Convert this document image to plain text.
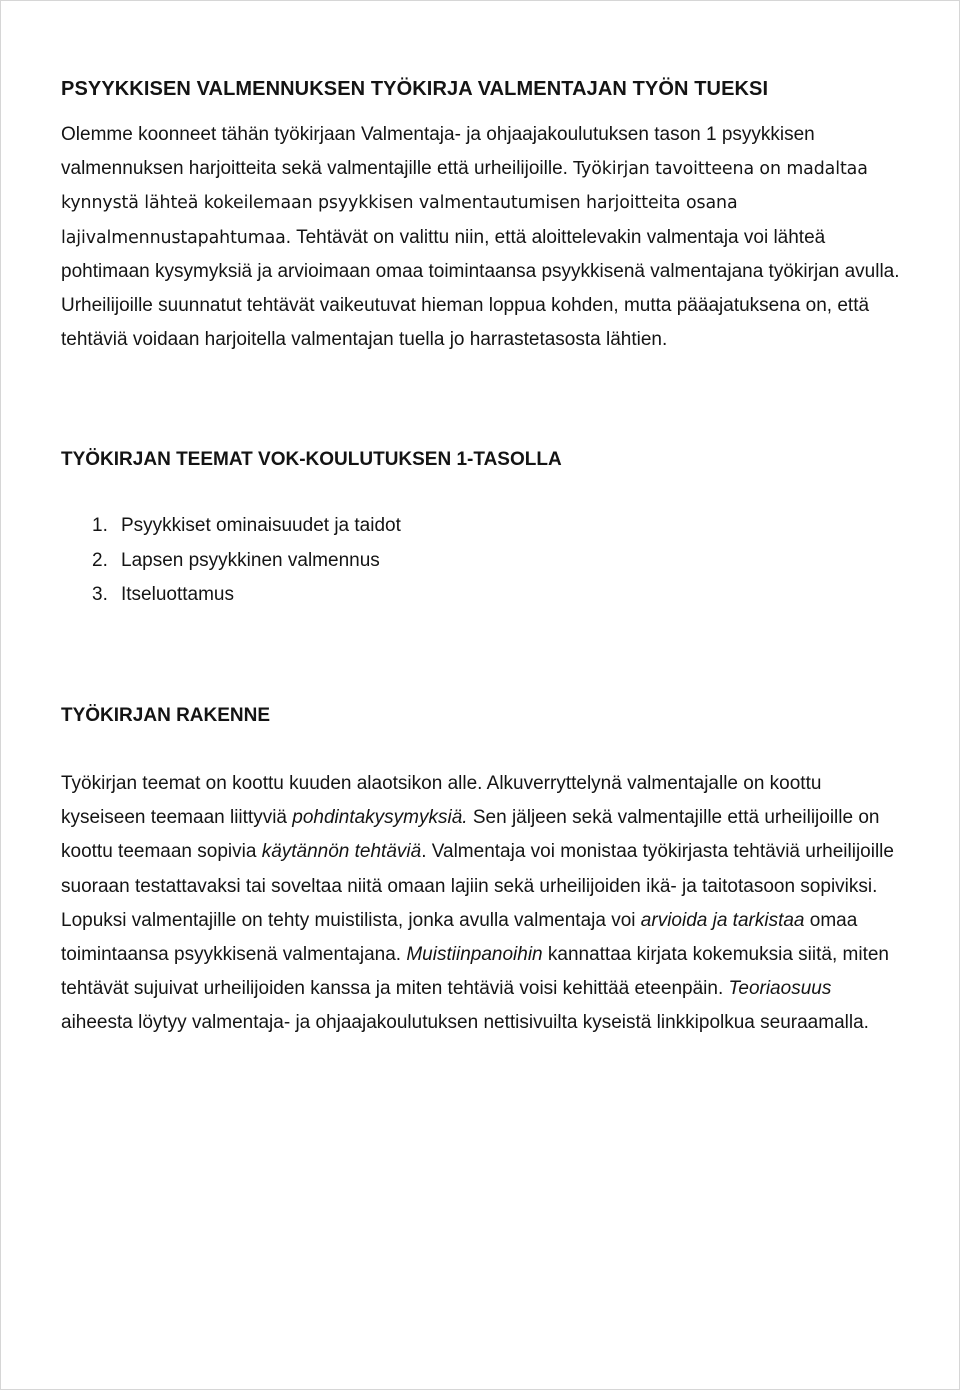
PSYYKKISEN VALMENNUKSEN TYÖKIRJA VALMENTAJAN TYÖN TUEKSI

Olemme koonneet tähän työkirjaan Valmentaja- ja ohjaajakoulutuksen tason 1 psyykkisen valmennuksen harjoitteita sekä valmentajille että urheilijoille. Työkirjan tavoitteena on madaltaa kynnystä lähteä kokeilemaan psyykkisen valmentautumisen harjoitteita osana lajivalmennustapahtumaa. Tehtävät on valittu niin, että aloittelevakin valmentaja voi lähteä pohtimaan kysymyksiä ja arvioimaan omaa toimintaansa psyykkisenä valmentajana työkirjan avulla. Urheilijoille suunnatut tehtävät vaikeutuvat hieman loppua kohden, mutta pääajatuksena on, että tehtäviä voidaan harjoitella valmentajan tuella jo harrastetasosta lähtien.

TYÖKIRJAN TEEMAT VOK-KOULUTUKSEN 1-TASOLLA
1. Psyykkiset ominaisuudet ja taidot
2. Lapsen psyykkinen valmennus
3. Itseluottamus
TYÖKIRJAN RAKENNE

Työkirjan teemat on koottu kuuden alaotsikon alle. Alkuverryttelynä valmentajalle on koottu kyseiseen teemaan liittyviä pohdintakysymyksiä. Sen jäljeen sekä valmentajille että urheilijoille on koottu teemaan sopivia käytännön tehtäviä. Valmentaja voi monistaa työkirjasta tehtäviä urheilijoille suoraan testattavaksi tai soveltaa niitä omaan lajiin sekä urheilijoiden ikä- ja taitotasoon sopiviksi. Lopuksi valmentajille on tehty muistilista, jonka avulla valmentaja voi arvioida ja tarkistaa omaa toimintaansa psyykkisenä valmentajana. Muistiinpanoihin kannattaa kirjata kokemuksia siitä, miten tehtävät sujuivat urheilijoiden kanssa ja miten tehtäviä voisi kehittää eteenpäin. Teoriaosuus aiheesta löytyy valmentaja- ja ohjaajakoulutuksen nettisivuilta kyseistä linkkipolkua seuraamalla.
